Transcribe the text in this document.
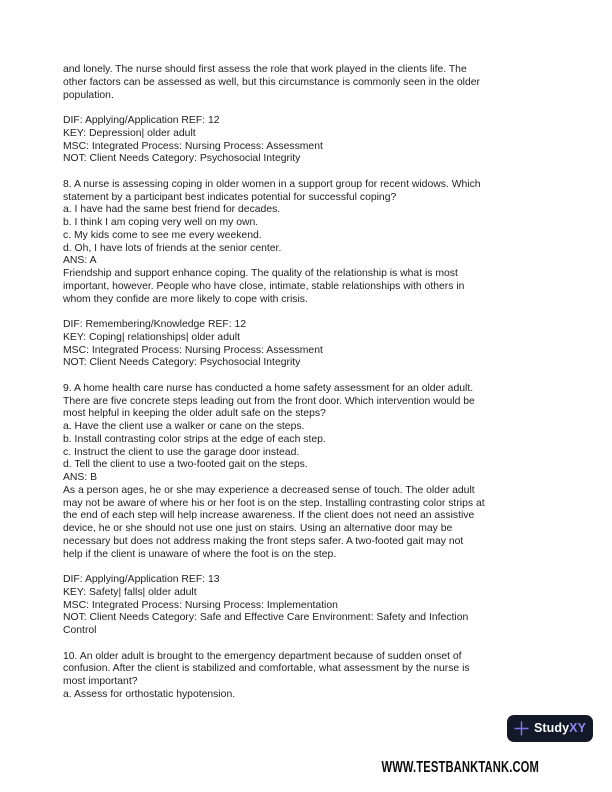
and lonely. The nurse should first assess the role that work played in the clients life. The
other factors can be assessed as well, but this circumstance is commonly seen in the older
population.
DIF: Applying/Application REF: 12
KEY: Depression| older adult
MSC: Integrated Process: Nursing Process: Assessment
NOT: Client Needs Category: Psychosocial Integrity
8. A nurse is assessing coping in older women in a support group for recent widows. Which
statement by a participant best indicates potential for successful coping?
a. I have had the same best friend for decades.
b. I think I am coping very well on my own.
c. My kids come to see me every weekend.
d. Oh, I have lots of friends at the senior center.
ANS: A
Friendship and support enhance coping. The quality of the relationship is what is most
important, however. People who have close, intimate, stable relationships with others in
whom they confide are more likely to cope with crisis.
DIF: Remembering/Knowledge REF: 12
KEY: Coping| relationships| older adult
MSC: Integrated Process: Nursing Process: Assessment
NOT: Client Needs Category: Psychosocial Integrity
9. A home health care nurse has conducted a home safety assessment for an older adult.
There are five concrete steps leading out from the front door. Which intervention would be
most helpful in keeping the older adult safe on the steps?
a. Have the client use a walker or cane on the steps.
b. Install contrasting color strips at the edge of each step.
c. Instruct the client to use the garage door instead.
d. Tell the client to use a two-footed gait on the steps.
ANS: B
As a person ages, he or she may experience a decreased sense of touch. The older adult
may not be aware of where his or her foot is on the step. Installing contrasting color strips at
the end of each step will help increase awareness. If the client does not need an assistive
device, he or she should not use one just on stairs. Using an alternative door may be
necessary but does not address making the front steps safer. A two-footed gait may not
help if the client is unaware of where the foot is on the step.
DIF: Applying/Application REF: 13
KEY: Safety| falls| older adult
MSC: Integrated Process: Nursing Process: Implementation
NOT: Client Needs Category: Safe and Effective Care Environment: Safety and Infection
Control
10. An older adult is brought to the emergency department because of sudden onset of
confusion. After the client is stabilized and comfortable, what assessment by the nurse is
most important?
a. Assess for orthostatic hypotension.
StudyXY
WWW.TESTBANKTANK.COM
